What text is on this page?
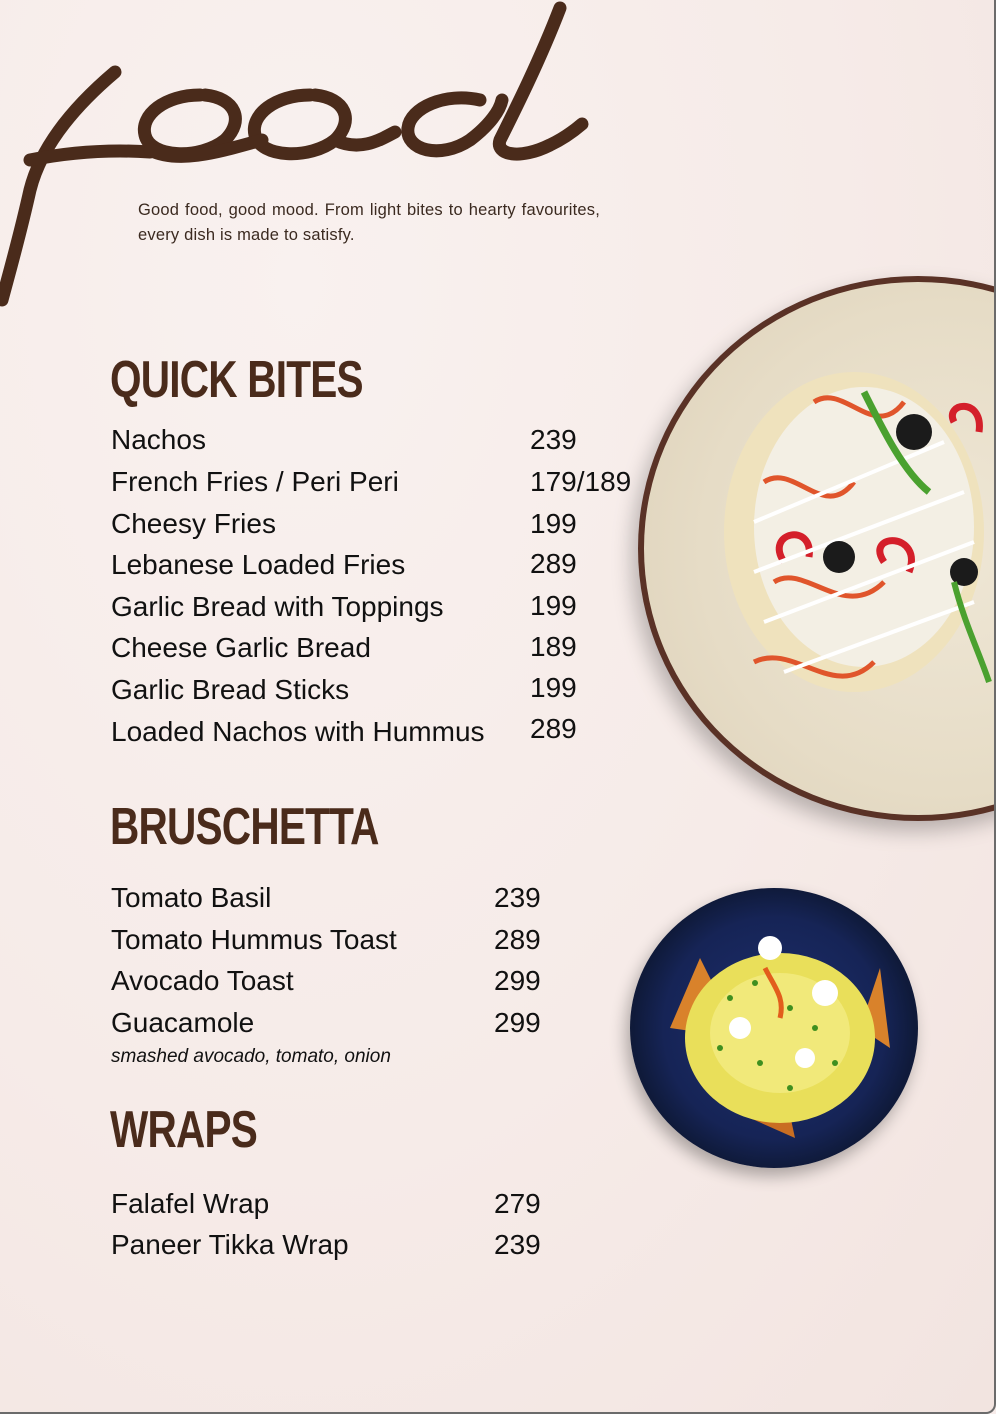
Good food, good mood. From light bites to hearty favourites, every dish is made to satisfy.
QUICK BITES
Nachos	239
French Fries / Peri Peri	179/189
Cheesy Fries	199
Lebanese Loaded Fries	289
Garlic Bread with Toppings	199
Cheese Garlic Bread	189
Garlic Bread Sticks	199
Loaded Nachos with Hummus 289
BRUSCHETTA
Tomato Basil	239
Tomato Hummus Toast	289
Avocado Toast	299
Guacamole	299
smashed avocado, tomato, onion
WRAPS
Falafel Wrap	279
Paneer Tikka Wrap	239
